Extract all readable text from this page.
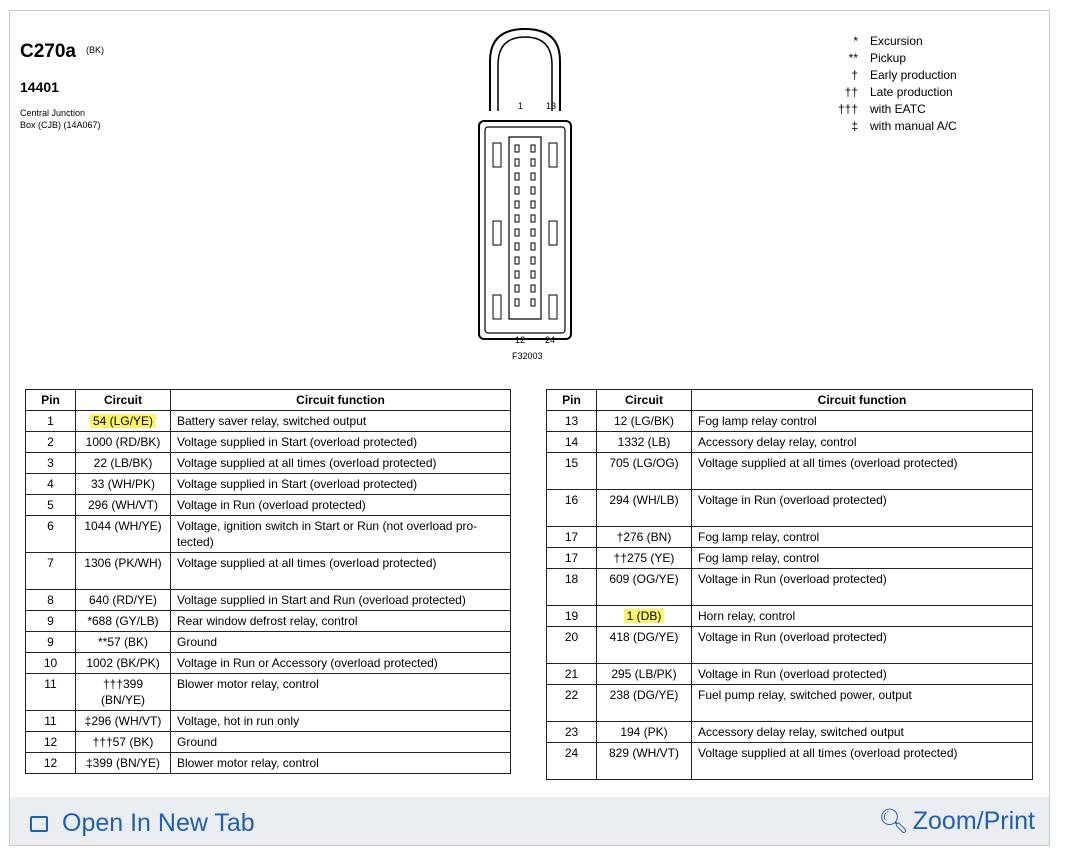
C270a $^{(BK)}$
14401
Central Junction
Box (CJB) (14A067)
1	13
12 24
F32003
*	Excursion
**	Pickup
†	Early production
††	Late production
†††	with EATC
‡	with manual A/C
Pin	Circuit	Circuit function
1	54 (LG/YE)	Battery saver relay, switched output
2	1000 (RD/BK)	Voltage supplied in Start (overload protected)
3	22 (LB/BK)	Voltage supplied at all times (overload protected)
4	33 (WH/PK)	Voltage supplied in Start (overload protected)
5	296 (WH/VT)	Voltage in Run (overload protected)
6	1044 (WH/YE)	Voltage, ignition switch in Start or Run (not overload pro-tected)
7	1306 (PK/WH)	Voltage supplied at all times (overload protected)
8	640 (RD/YE)	Voltage supplied in Start and Run (overload protected)
9	*688 (GY/LB)	Rear window defrost relay, control
9	**57 (BK)	Ground
10	1002 (BK/PK)	Voltage in Run or Accessory (overload protected)
11	†††399 (BN/YE)	Blower motor relay, control
11	‡296 (WH/VT)	Voltage, hot in run only
12	†††57 (BK)	Ground
12	‡399 (BN/YE)	Blower motor relay, control
Pin	Circuit	Circuit function
13	12 (LG/BK)	Fog lamp relay control
14	1332 (LB)	Accessory delay relay, control
15	705 (LG/OG)	Voltage supplied at all times (overload protected)
16	294 (WH/LB)	Voltage in Run (overload protected)
17	†276 (BN)	Fog lamp relay, control
17	††275 (YE)	Fog lamp relay, control
18	609 (OG/YE)	Voltage in Run (overload protected)
19	1 (DB)	Horn relay, control
20	418 (DG/YE)	Voltage in Run (overload protected)
21	295 (LB/PK)	Voltage in Run (overload protected)
22	238 (DG/YE)	Fuel pump relay, switched power, output
23	194 (PK)	Accessory delay relay, switched output
24	829 (WH/VT)	Voltage supplied at all times (overload protected)
Open In New Tab	🔍︎ Zoom/Print
